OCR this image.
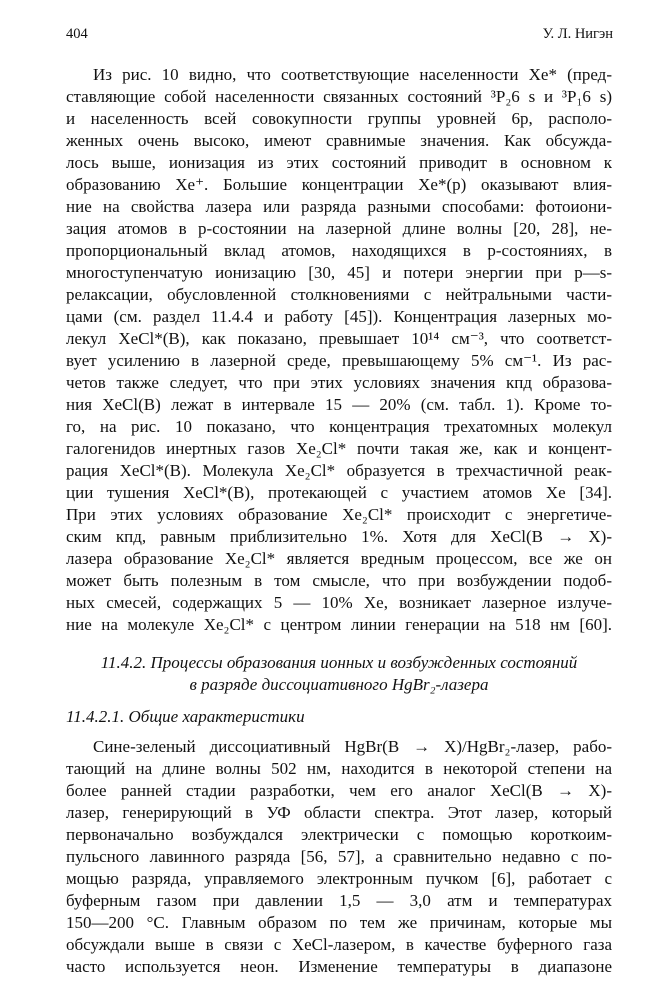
404	У. Л. Нигэн
Из рис. 10 видно, что соответствующие населенности Xe* (пред-
ставляющие собой населенности связанных состояний ³P₂6 s и ³P₁6 s)
и населенность всей совокупности группы уровней 6p, располо-
женных очень высоко, имеют сравнимые значения. Как обсужда-
лось выше, ионизация из этих состояний приводит в основном к
образованию Xe⁺. Большие концентрации Xe*(p) оказывают влия-
ние на свойства лазера или разряда разными способами: фотоиони-
зация атомов в p-состоянии на лазерной длине волны [20, 28], не-
пропорциональный вклад атомов, находящихся в p-состояниях, в
многоступенчатую ионизацию [30, 45] и потери энергии при p—s-
релаксации, обусловленной столкновениями с нейтральными части-
цами (см. раздел 11.4.4 и работу [45]). Концентрация лазерных мо-
лекул XeCl*(B), как показано, превышает 10¹⁴ см⁻³, что соответст-
вует усилению в лазерной среде, превышающему 5% см⁻¹. Из рас-
четов также следует, что при этих условиях значения кпд образова-
ния XeCl(B) лежат в интервале 15 — 20% (см. табл. 1). Кроме то-
го, на рис. 10 показано, что концентрация трехатомных молекул
галогенидов инертных газов Xe₂Cl* почти такая же, как и концент-
рация XeCl*(B). Молекула Xe₂Cl* образуется в трехчастичной реак-
ции тушения XeCl*(B), протекающей с участием атомов Xe [34].
При этих условиях образование Xe₂Cl* происходит с энергетиче-
ским кпд, равным приблизительно 1%. Хотя для XeCl(B → X)-
лазера образование Xe₂Cl* является вредным процессом, все же он
может быть полезным в том смысле, что при возбуждении подоб-
ных смесей, содержащих 5 — 10% Xe, возникает лазерное излуче-
ние на молекуле Xe₂Cl* с центром линии генерации на 518 нм [60].
11.4.2. Процессы образования ионных и возбужденных состояний
в разряде диссоциативного HgBr₂-лазера
11.4.2.1. Общие характеристики
Сине-зеленый диссоциативный HgBr(B → X)/HgBr₂-лазер, рабо-
тающий на длине волны 502 нм, находится в некоторой степени на
более ранней стадии разработки, чем его аналог XeCl(B → X)-
лазер, генерирующий в УФ области спектра. Этот лазер, который
первоначально возбуждался электрически с помощью короткоим-
пульсного лавинного разряда [56, 57], а сравнительно недавно с по-
мощью разряда, управляемого электронным пучком [6], работает с
буферным газом при давлении 1,5 — 3,0 атм и температурах
150—200 °C. Главным образом по тем же причинам, которые мы
обсуждали выше в связи с XeCl-лазером, в качестве буферного газа
часто используется неон. Изменение температуры в диапазоне
